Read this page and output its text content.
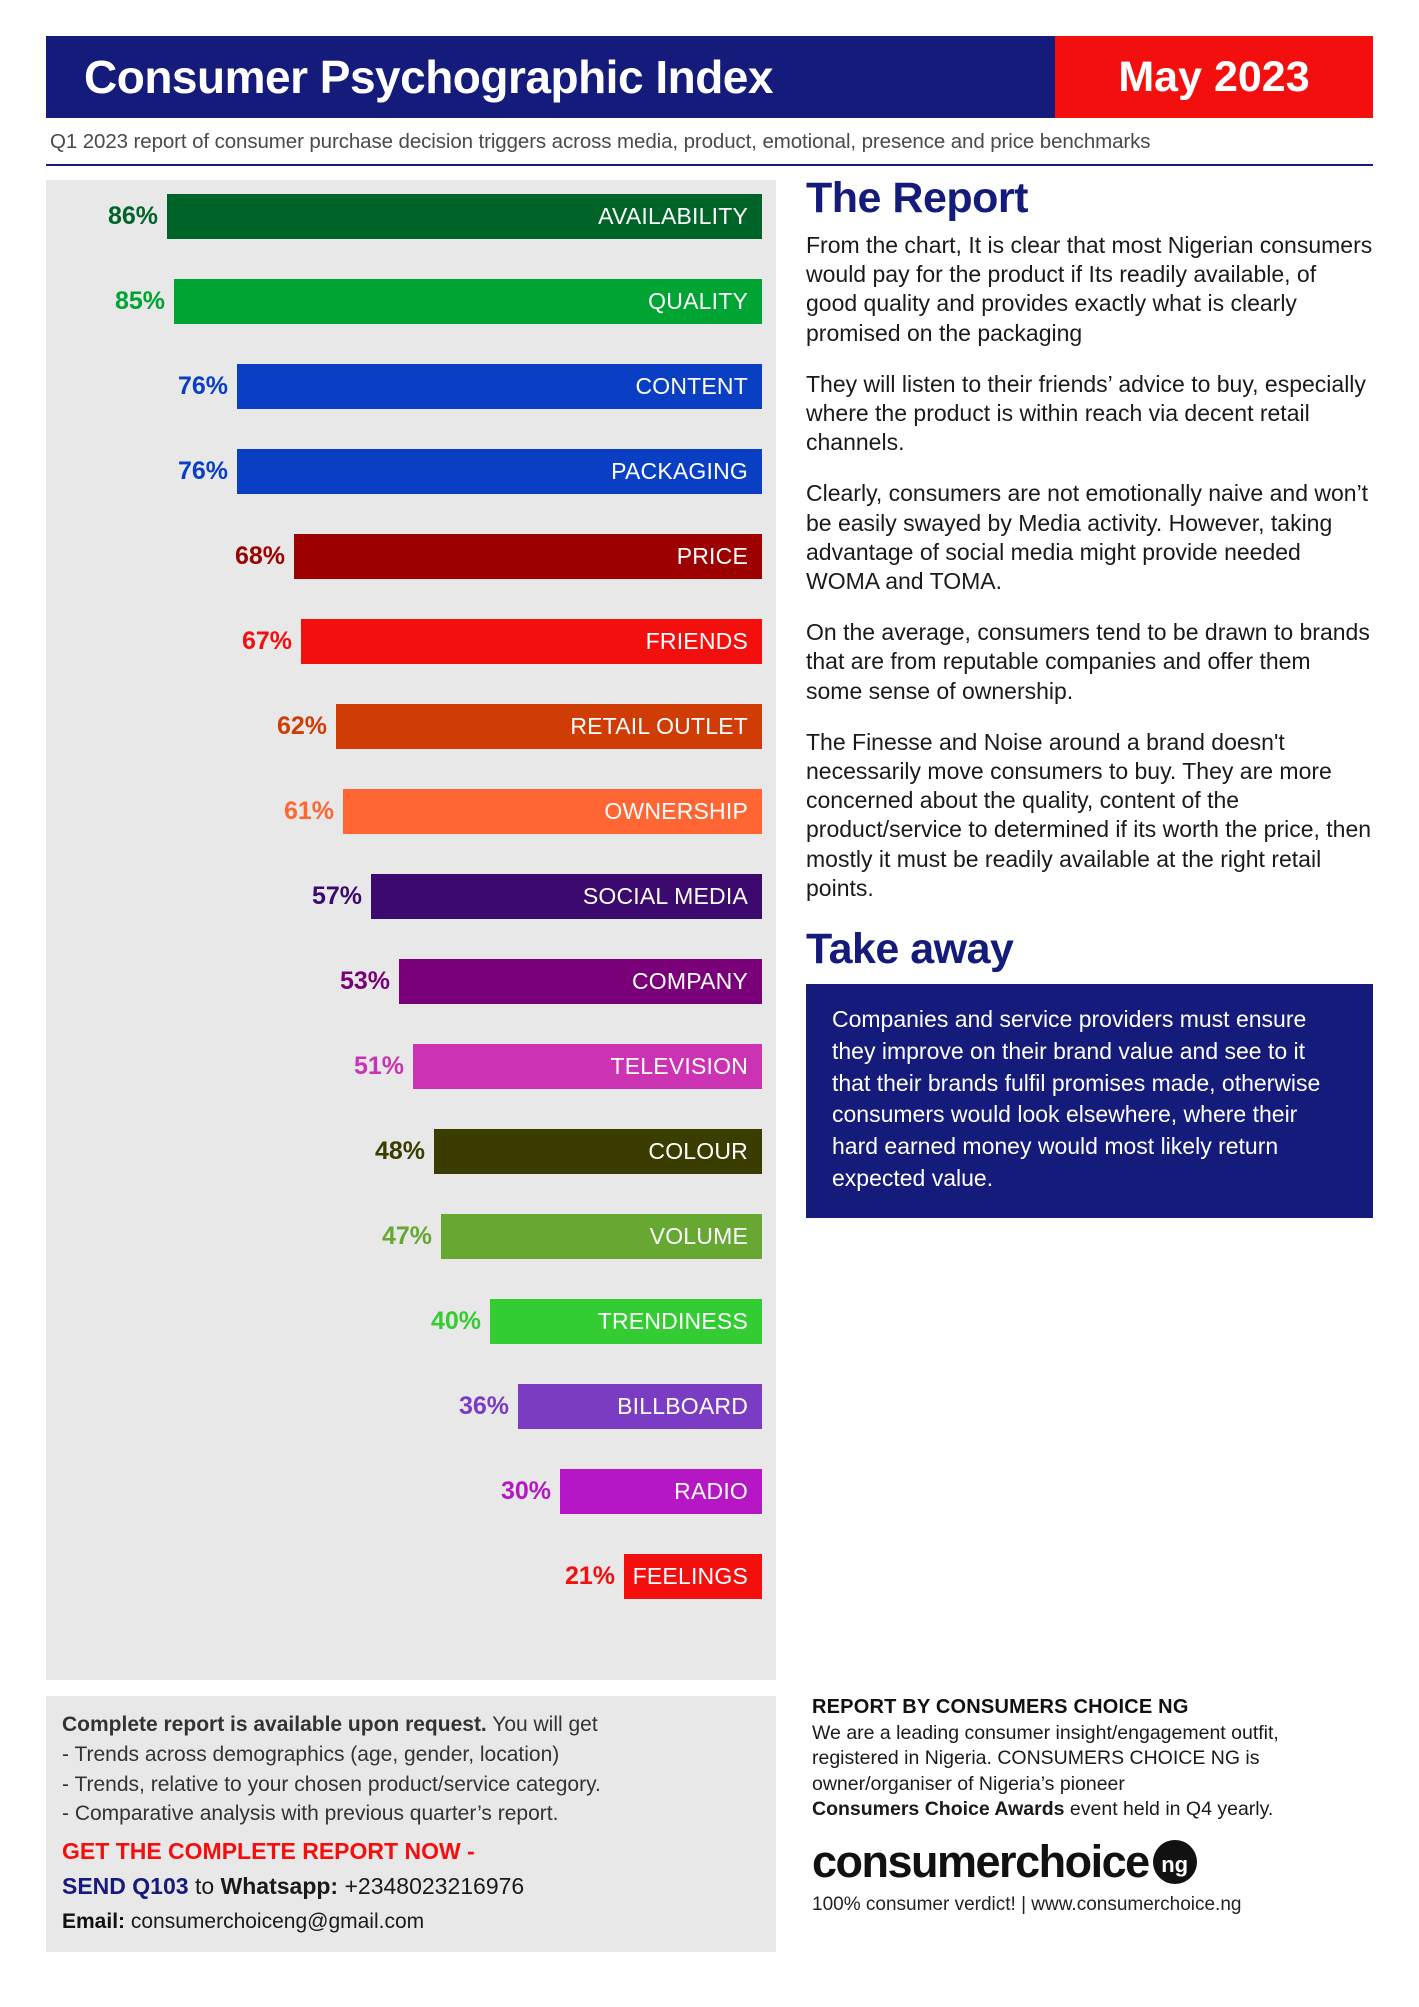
Consumer Psychographic Index	May 2023
Q1 2023 report of consumer purchase decision triggers across media, product, emotional, presence and price benchmarks
86%	AVAILABILITY
85%	QUALITY
76%	CONTENT
76%	PACKAGING
68%	PRICE
67%	FRIENDS
62%	RETAIL OUTLET
61%	OWNERSHIP
57%	SOCIAL MEDIA
53%	COMPANY
51%	TELEVISION
48%	COLOUR
47%	VOLUME
40%	TRENDINESS
36%	BILLBOARD
30%	RADIO
21% FEELINGS
The Report
From the chart, It is clear that most Nigerian consumers would pay for the product if Its readily available, of good quality and provides exactly what is clearly promised on the packaging
They will listen to their friends’ advice to buy, especially where the product is within reach via decent retail channels.
Clearly, consumers are not emotionally naive and won’t be easily swayed by Media activity. However, taking advantage of social media might provide needed WOMA and TOMA.
On the average, consumers tend to be drawn to brands that are from reputable companies and offer them some sense of ownership.
The Finesse and Noise around a brand doesn't necessarily move consumers to buy. They are more concerned about the quality, content of the product/service to determined if its worth the price, then mostly it must be readily available at the right retail points.
Take away
Companies and service providers must ensure they improve on their brand value and see to it that their brands fulfil promises made, otherwise consumers would look elsewhere, where their hard earned money would most likely return expected value.
Complete report is available upon request. You will get
- Trends across demographics (age, gender, location)
- Trends, relative to your chosen product/service category.
- Comparative analysis with previous quarter’s report.
GET THE COMPLETE REPORT NOW -
SEND Q103 to Whatsapp: +2348023216976
Email: consumerchoiceng@gmail.com
REPORT BY CONSUMERS CHOICE NG
We are a leading consumer insight/engagement outfit,
registered in Nigeria. CONSUMERS CHOICE NG is
owner/organiser of Nigeria’s pioneer
Consumers Choice Awards event held in Q4 yearly.
consumerchoice ng
100% consumer verdict! | www.consumerchoice.ng
